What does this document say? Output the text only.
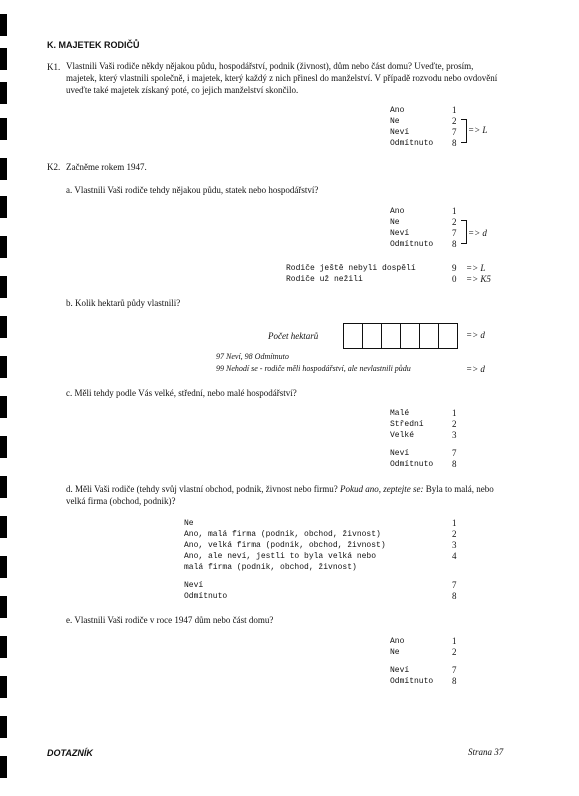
K. MAJETEK RODIČŮ
K1. Vlastnili Vaši rodiče někdy nějakou půdu, hospodářství, podnik (živnost), dům nebo část domu? Uveďte, prosím, majetek, který vlastnili společně, i majetek, který každý z nich přinesl do manželství. V případě rozvodu nebo ovdovění uveďte také majetek získaný poté, co jejich manželství skončilo.
Ano	1
Ne	2
Neví	7
Odmítnuto 8
=> L
K2. Začněme rokem 1947.
a. Vlastnili Vaši rodiče tehdy nějakou půdu, statek nebo hospodářství?
Ano	1
Ne	2
Neví	7
Odmítnuto 8
=> d
Rodiče ještě nebyli dospělí	9 => L
Rodiče už nežili	0 => K5
b. Kolik hektarů půdy vlastnili?
Počet hektarů	=> d
97 Neví, 98 Odmítnuto
99 Nehodí se - rodiče měli hospodářství, ale nevlastnili půdu	=> d
c. Měli tehdy podle Vás velké, střední, nebo malé hospodářství?
Malé	1
Střední	2
Velké	3
Neví	7
Odmítnuto 8
d. Měli Vaši rodiče (tehdy svůj vlastní obchod, podnik, živnost nebo firmu? Pokud ano, zeptejte se: Byla to malá, nebo velká firma (obchod, podnik)?
Ne	1
Ano, malá firma (podnik, obchod, živnost)	2
Ano, velká firma (podnik, obchod, živnost)	3
Ano, ale neví, jestli to byla velká nebo	4
malá firma (podnik, obchod, živnost)
Neví	7
Odmítnuto	8
e. Vlastnili Vaši rodiče v roce 1947 dům nebo část domu?
Ano	1
Ne	2
Neví	7
Odmítnuto 8
DOTAZNÍK	Strana 37
